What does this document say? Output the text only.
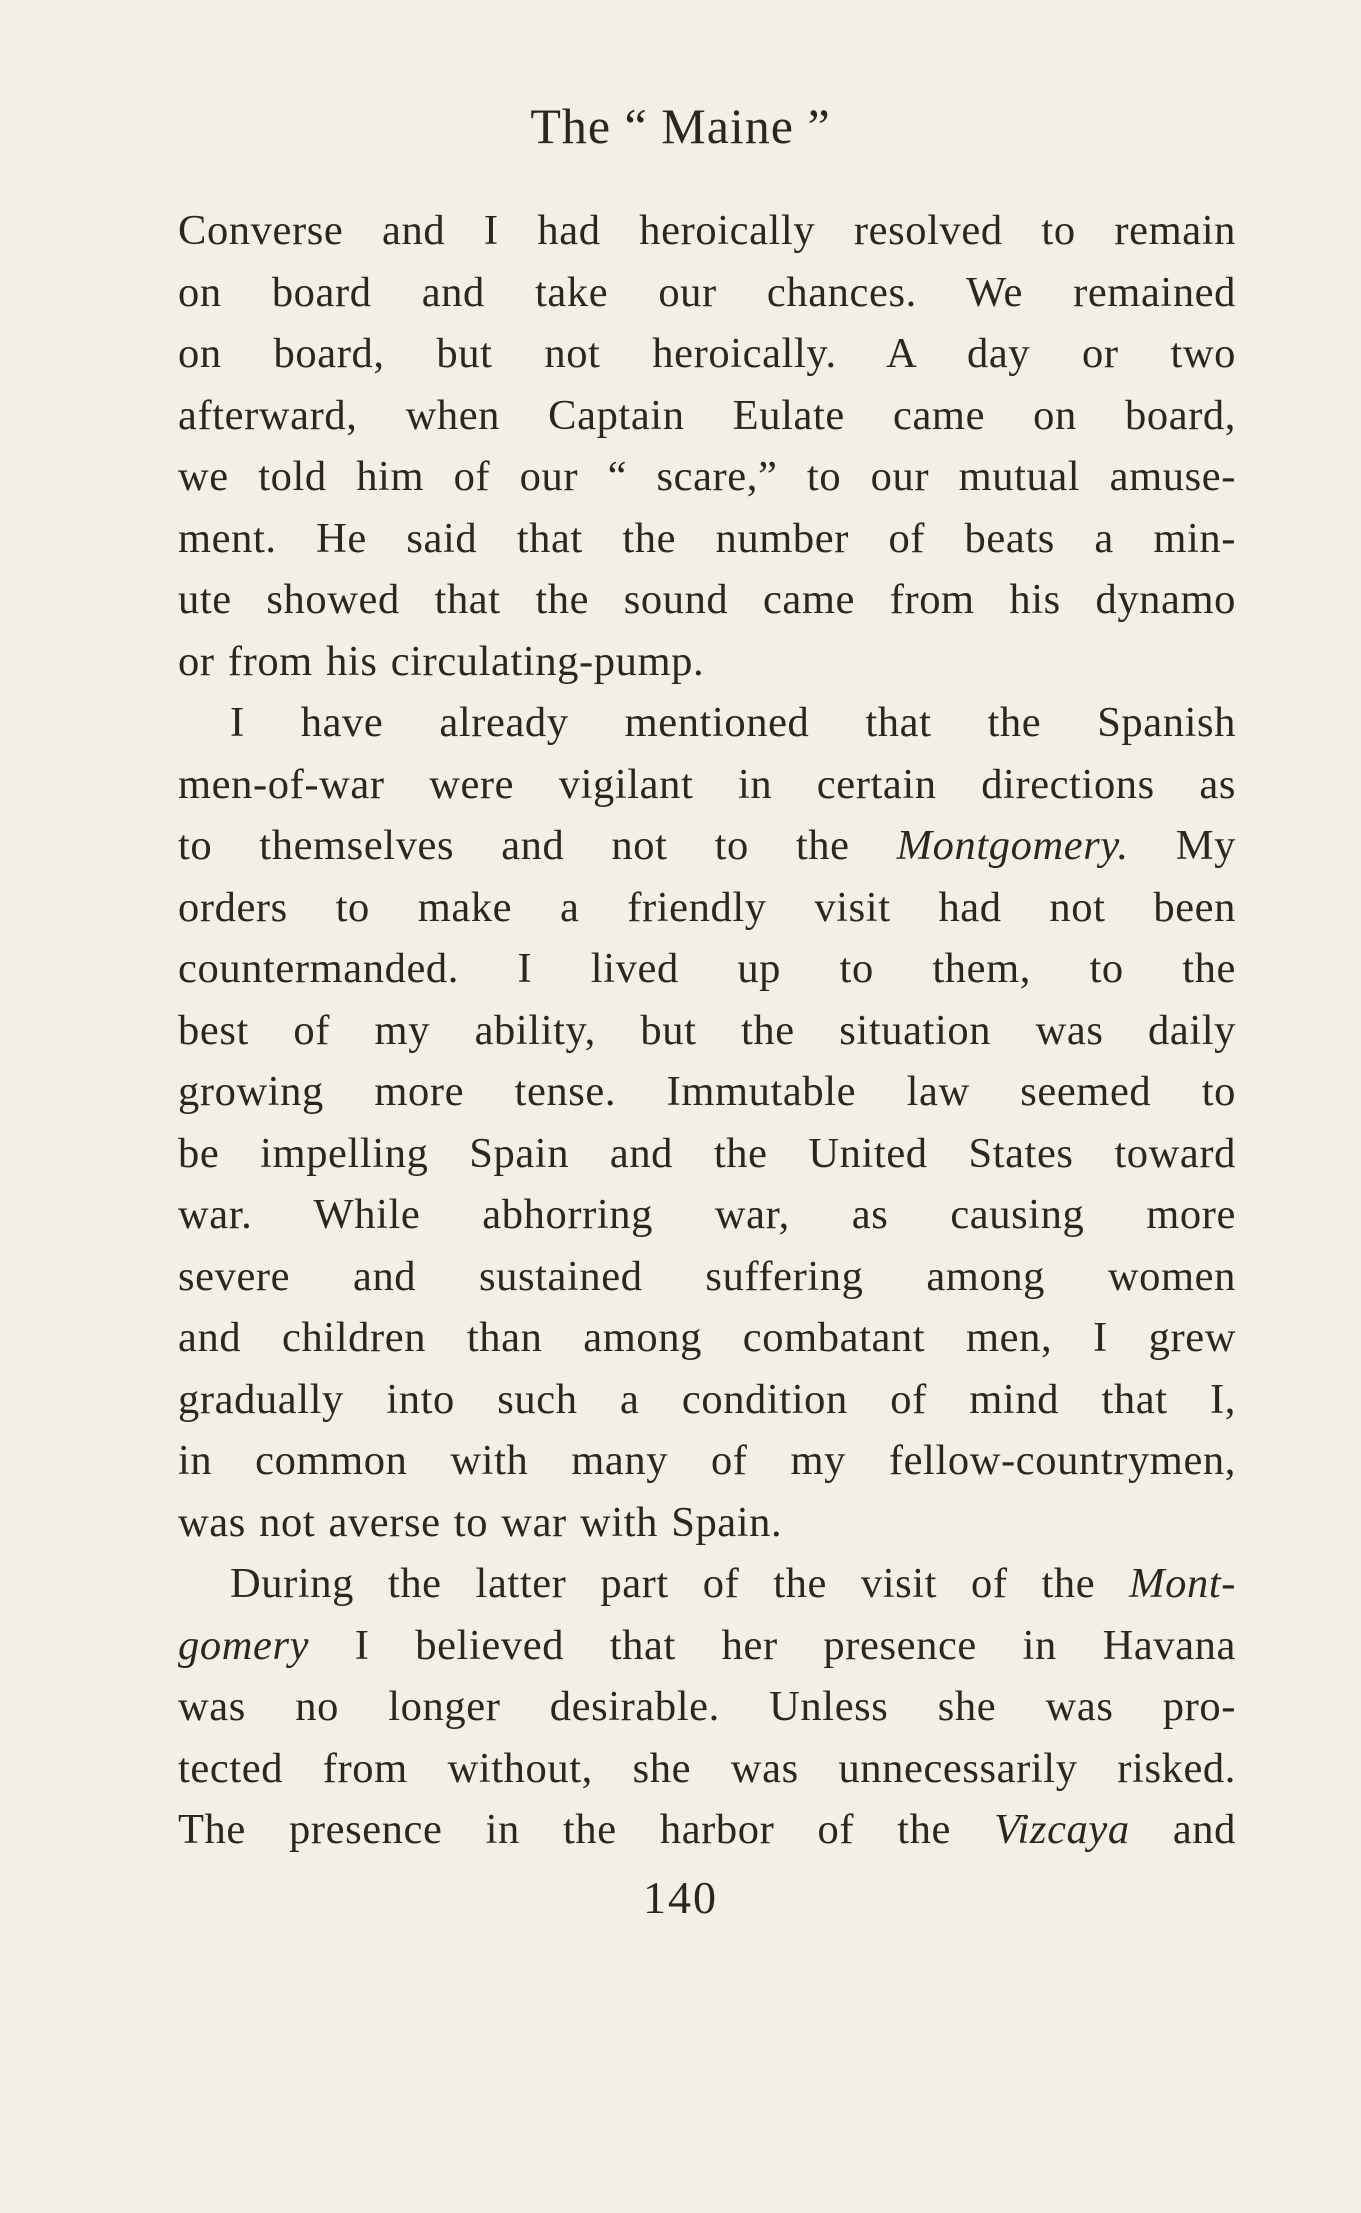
The “ Maine ”
Converse and I had heroically resolved to remain
on board and take our chances. We remained
on board, but not heroically. A day or two
afterward, when Captain Eulate came on board,
we told him of our “ scare,” to our mutual amuse-
ment. He said that the number of beats a min-
ute showed that the sound came from his dynamo
or from his circulating-pump.
I have already mentioned that the Spanish
men-of-war were vigilant in certain directions as
to themselves and not to the Montgomery. My
orders to make a friendly visit had not been
countermanded. I lived up to them, to the
best of my ability, but the situation was daily
growing more tense. Immutable law seemed to
be impelling Spain and the United States toward
war. While abhorring war, as causing more
severe and sustained suffering among women
and children than among combatant men, I grew
gradually into such a condition of mind that I,
in common with many of my fellow-countrymen,
was not averse to war with Spain.
During the latter part of the visit of the Mont-
gomery I believed that her presence in Havana
was no longer desirable. Unless she was pro-
tected from without, she was unnecessarily risked.
The presence in the harbor of the Vizcaya and
140
